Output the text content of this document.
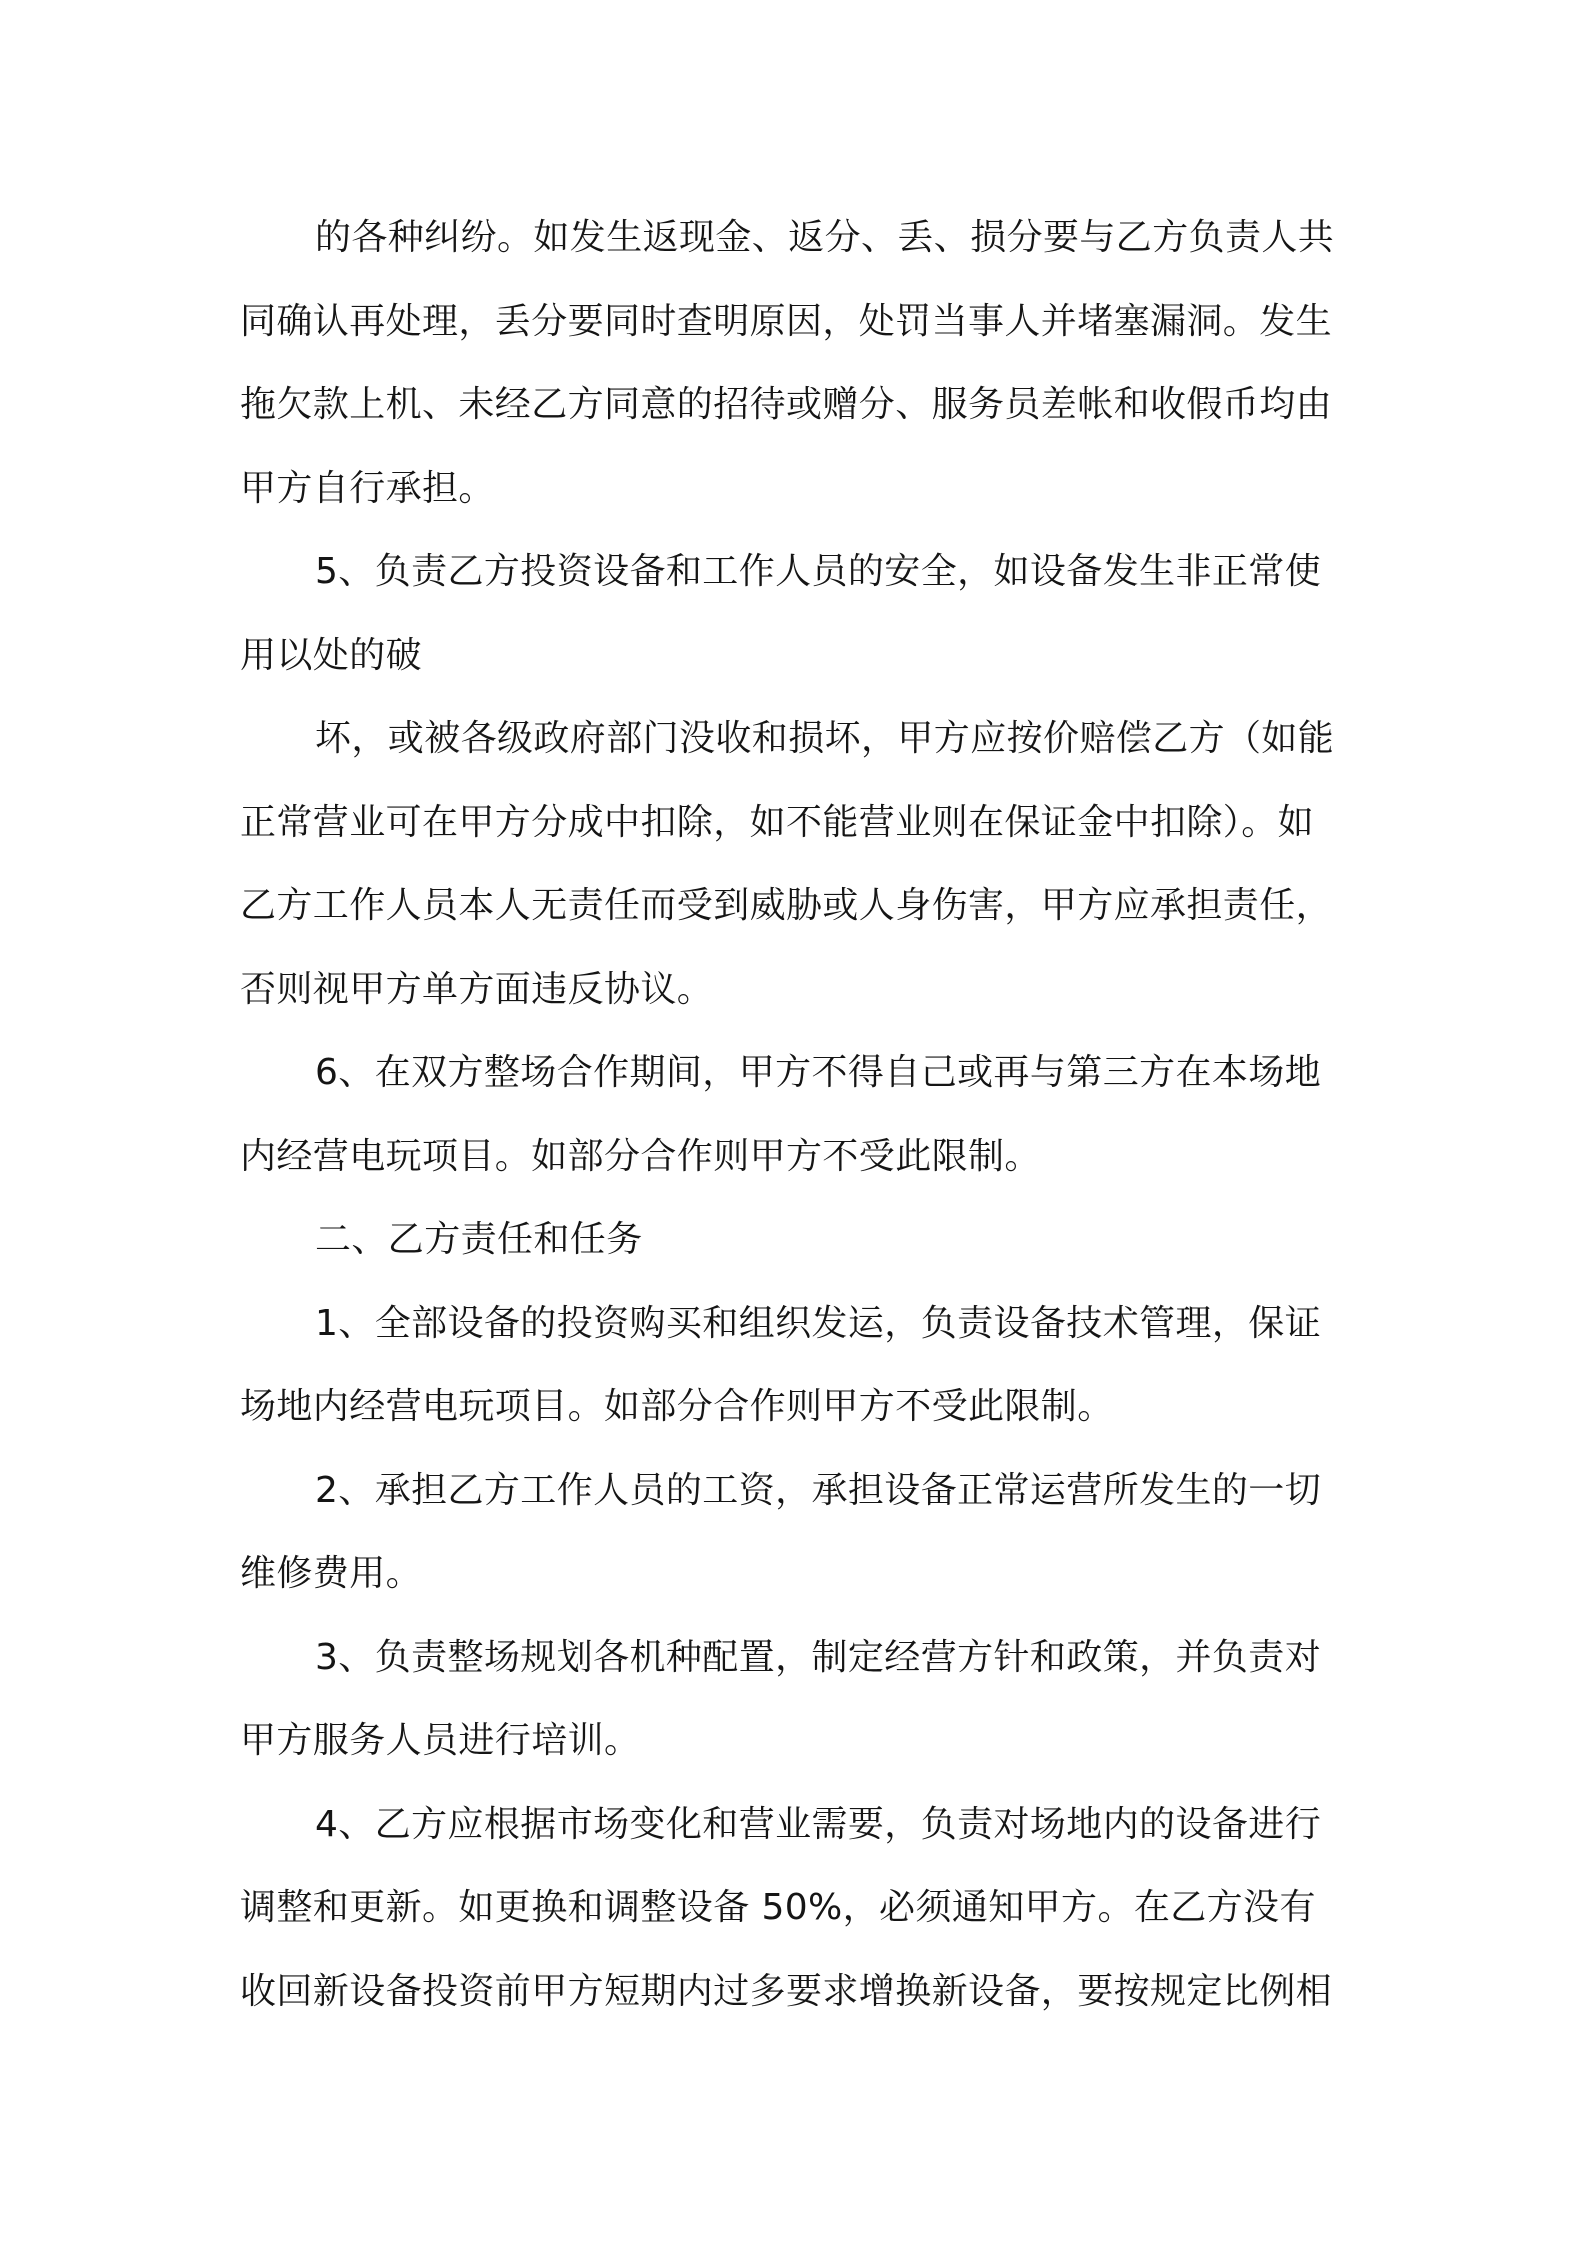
的各种纠纷。如发生返现金、返分、丢、损分要与乙方负责人共
同确认再处理，丢分要同时查明原因，处罚当事人并堵塞漏洞。发生
拖欠款上机、未经乙方同意的招待或赠分、服务员差帐和收假币均由
甲方自行承担。
5、负责乙方投资设备和工作人员的安全，如设备发生非正常使
用以处的破
坏，或被各级政府部门没收和损坏，甲方应按价赔偿乙方（如能
正常营业可在甲方分成中扣除，如不能营业则在保证金中扣除）。如
乙方工作人员本人无责任而受到威胁或人身伤害，甲方应承担责任，
否则视甲方单方面违反协议。
6、在双方整场合作期间，甲方不得自己或再与第三方在本场地
内经营电玩项目。如部分合作则甲方不受此限制。
二、乙方责任和任务
1、全部设备的投资购买和组织发运，负责设备技术管理，保证
场地内经营电玩项目。如部分合作则甲方不受此限制。
2、承担乙方工作人员的工资，承担设备正常运营所发生的一切
维修费用。
3、负责整场规划各机种配置，制定经营方针和政策，并负责对
甲方服务人员进行培训。
4、乙方应根据市场变化和营业需要，负责对场地内的设备进行
调整和更新。如更换和调整设备 50%，必须通知甲方。在乙方没有
收回新设备投资前甲方短期内过多要求增换新设备，要按规定比例相
